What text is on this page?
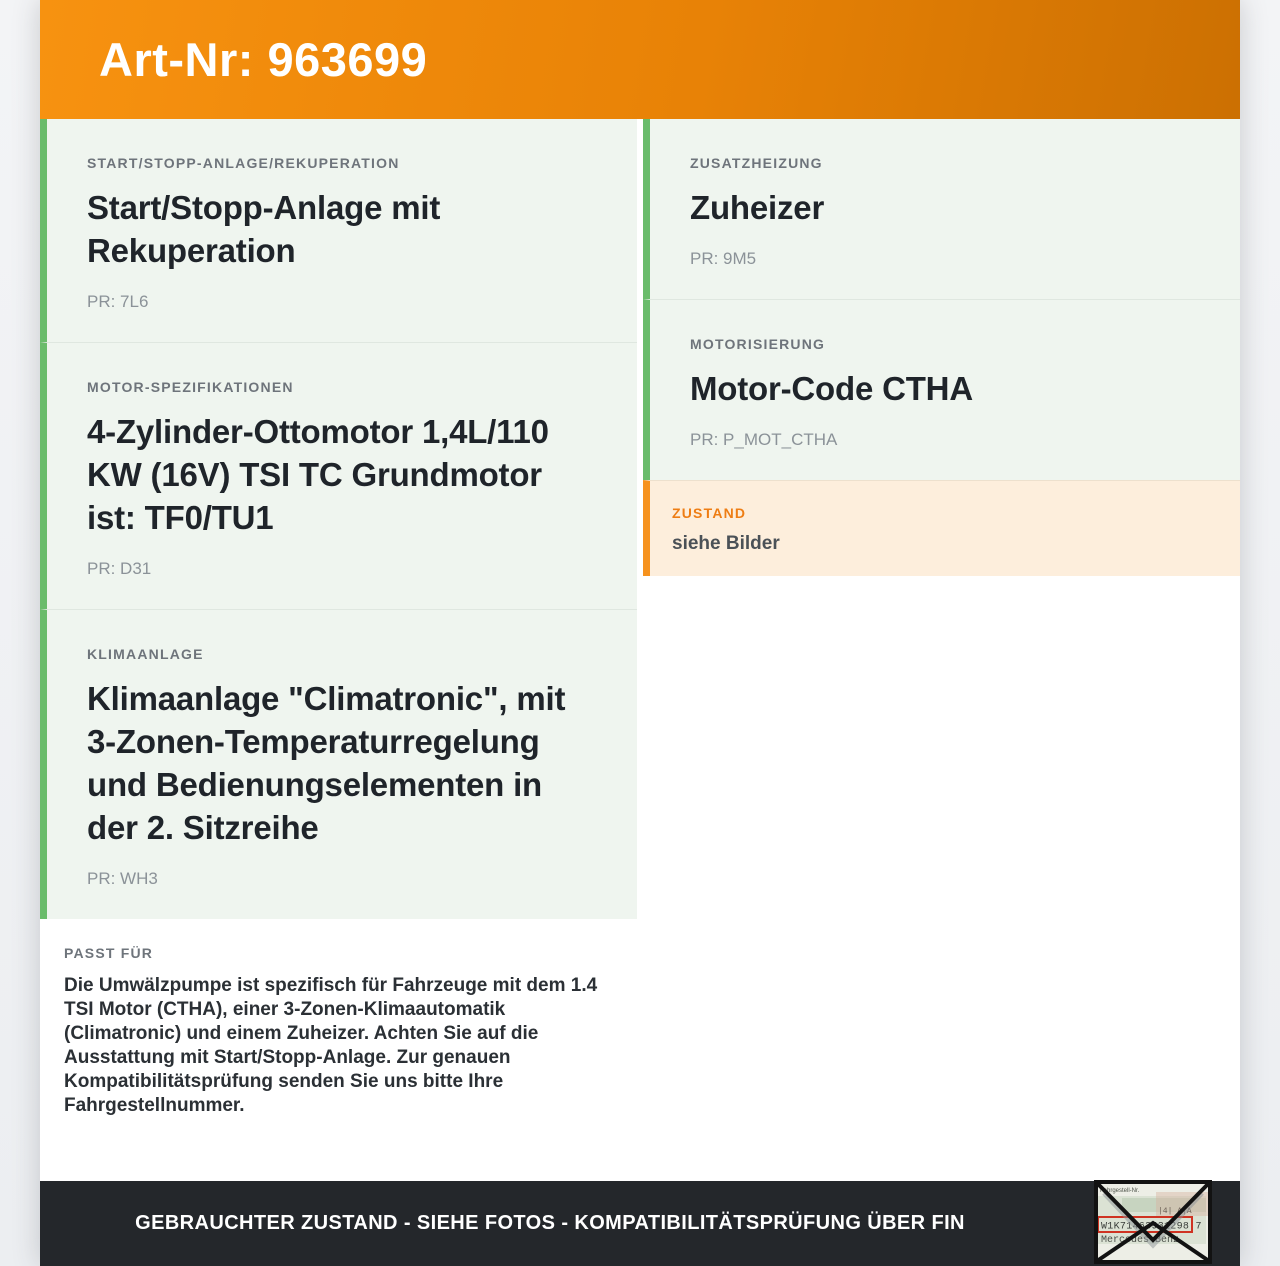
Art-Nr: 963699
START/STOPP-ANLAGE/REKUPERATION
Start/Stopp-Anlage mit Rekuperation
PR: 7L6
MOTOR-SPEZIFIKATIONEN
4-Zylinder-Ottomotor 1,4L/110 KW (16V) TSI TC Grundmotor ist: TF0/TU1
PR: D31
KLIMAANLAGE
Klimaanlage "Climatronic", mit 3-Zonen-Temperaturregelung und Bedienungselementen in der 2. Sitzreihe
PR: WH3
PASST FÜR
Die Umwälzpumpe ist spezifisch für Fahrzeuge mit dem 1.4 TSI Motor (CTHA), einer 3-Zonen-Klimaautomatik (Climatronic) und einem Zuheizer. Achten Sie auf die Ausstattung mit Start/Stopp-Anlage. Zur genauen Kompatibilitätsprüfung senden Sie uns bitte Ihre Fahrgestellnummer.
ZUSATZHEIZUNG
Zuheizer
PR: 9M5
MOTORISIERUNG
Motor-Code CTHA
PR: P_MOT_CTHA
ZUSTAND
siehe Bilder
GEBRAUCHTER ZUSTAND - SIEHE FOTOS - KOMPATIBILITÄTSPRÜFUNG ÜBER FIN
Fahrgestell-Nr.
|4| A|A
W1K71463J31298 7
Mercedes-Benz
